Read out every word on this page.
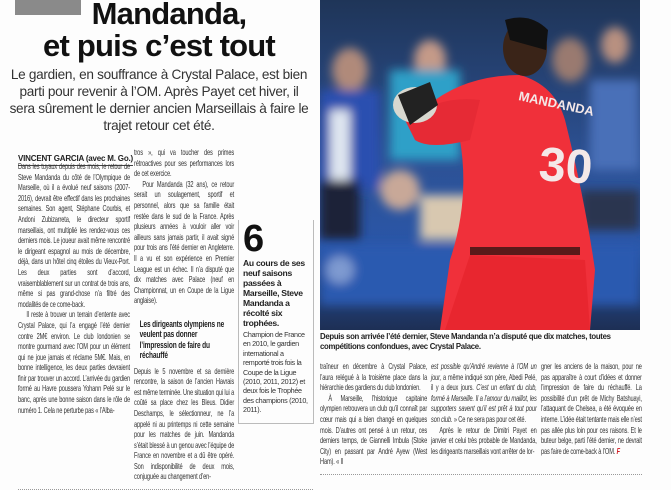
Mandanda,
et puis c’est tout
Le gardien, en souffrance à Crystal Palace, est bien parti pour revenir à l’OM. Après Payet cet hiver, il sera sûrement le dernier ancien Marseillais à faire le trajet retour cet été.
VINCENT GARCIA (avec M. Go.)

Dans les tuyaux depuis des mois, le retour de Steve Mandanda du côté de l’Olympique de Marseille, où il a évolué neuf saisons (2007-2016), devrait être effectif dans les prochaines semaines. Son agent, Stéphane Courbis, et Andoni Zubizarreta, le directeur sportif marseillais, ont multiplié les rendez-vous ces derniers mois. Le joueur avait même rencontré le dirigeant espagnol au mois de décembre, déjà, dans un hôtel cinq étoiles du Vieux-Port. Les deux parties sont d’accord, vraisemblablement sur un contrat de trois ans, même si pas grand-chose n’a filtré des modalités de ce come-back.

Il reste à trouver un terrain d’entente avec Crystal Palace, qui l’a engagé l’été dernier contre 2M€ environ. Le club londonien se montre gourmand avec l’OM pour un élément qui ne joue jamais et réclame 5M€. Mais, en bonne intelligence, les deux parties devraient finir par trouver un accord. L’arrivée du gardien formé au Havre poussera Yohann Pelé sur le banc, après une bonne saison dans le rôle de numéro 1. Cela ne perturbe pas « l’Alba-

tros », qui va toucher des primes rétroactives pour ses performances lors de cet exercice.

Pour Mandanda (32 ans), ce retour serait un soulagement, sportif et personnel, alors que sa famille était restée dans le sud de la France. Après plusieurs années à vouloir aller voir ailleurs sans jamais partir, il avait signé pour trois ans l’été dernier en Angleterre. Il a vu et son expérience en Premier League est un échec. Il n’a disputé que dix matches avec Palace (neuf en Championnat, un en Coupe de la Ligue anglaise).

Les dirigeants olympiens ne veulent pas donner l’impression de faire du réchauffé

Depuis le 5 novembre et sa dernière rencontre, la saison de l’ancien Havrais est même terminée. Une situation qui lui a coûté sa place chez les Bleus. Didier Deschamps, le sélectionneur, ne l’a appelé ni au printemps ni cette semaine pour les matches de juin. Mandanda s’était blessé à un genou avec l’équipe de France en novembre et a dû être opéré. Son indisponibilité de deux mois, conjuguée au changement d’en-

6
Au cours de ses neuf saisons passées à Marseille, Steve Mandanda a récolté six trophées.
Champion de France en 2010, le gardien international a remporté trois fois la Coupe de la Ligue (2010, 2011, 2012) et deux fois le Trophée des champions (2010, 2011).
MANDANDA
30
Depuis son arrivée l’été dernier, Steve Mandanda n’a disputé que dix matches, toutes compétitions confondues, avec Crystal Palace.

traîneur en décembre à Crystal Palace, l’aura relégué à la troisième place dans la hiérarchie des gardiens du club londonien.

À Marseille, l’historique capitaine olympien retrouvera un club qu’il connaît par cœur mais qui a bien changé en quelques mois. D’autres ont pensé à un retour, ces derniers temps, de Giannelli Imbula (Stoke City) en passant par André Ayew (West Ham). « Il

est possible qu’André revienne à l’OM un jour, a même indiqué son père, Abedi Pelé, il y a deux jours. C’est un enfant du club, formé à Marseille. Il a l’amour du maillot, les supporters savent qu’il est prêt à tout pour son club. » Ce ne sera pas pour cet été.

Après le retour de Dimitri Payet en janvier et celui très probable de Mandanda, les dirigeants marseillais vont arrêter de lor-

gner les anciens de la maison, pour ne pas apparaître à court d’idées et donner l’impression de faire du réchauffé. La possibilité d’un prêt de Michy Batshuayi, l’attaquant de Chelsea, a été évoquée en interne. L’idée était tentante mais elle n’est pas allée plus loin pour ces raisons. Et le buteur belge, parti l’été dernier, ne devrait pas faire de come-back à l’OM. F
